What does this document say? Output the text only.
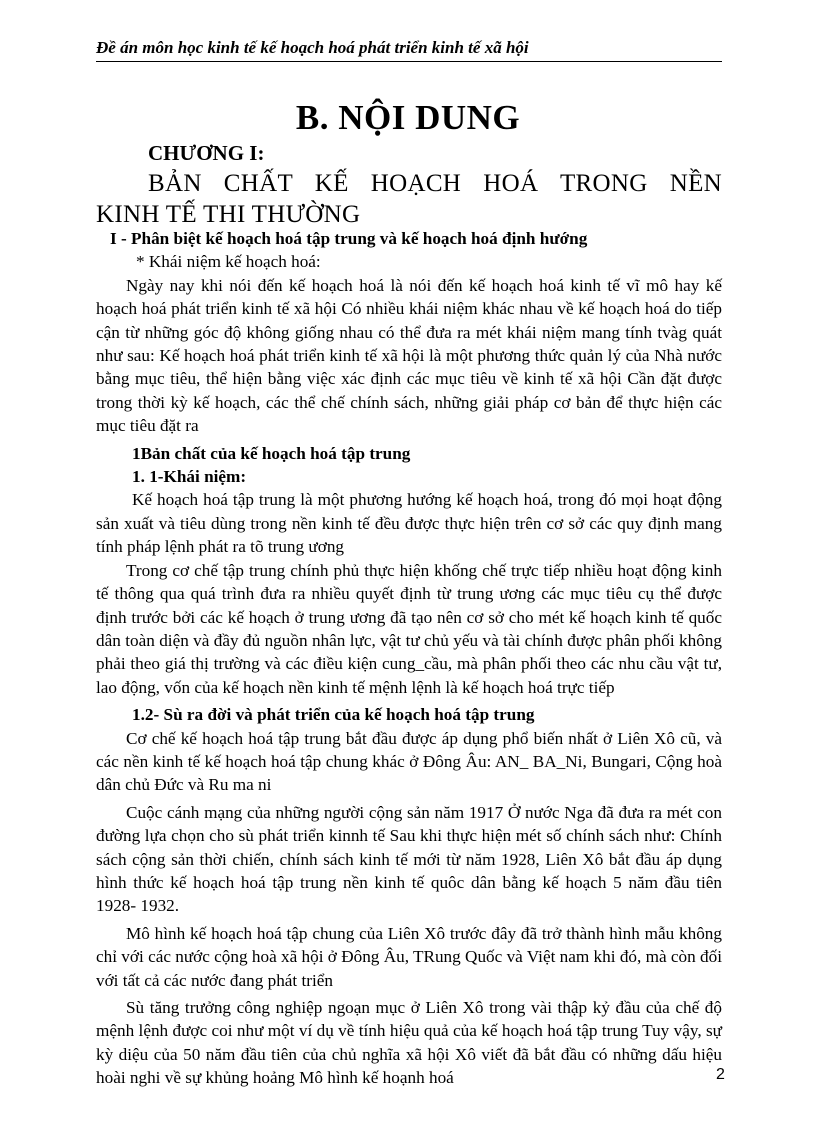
Đề án môn học kinh tế kế hoạch hoá phát triển kinh tế xã hội
B. NỘI DUNG
CHƯƠNG I:
BẢN CHẤT KẾ HOẠCH HOÁ TRONG NỀN
KINH TẾ THI THƯỜNG

I - Phân biệt kế hoạch hoá tập trung và kế hoạch hoá định hướng

* Khái niệm kế hoạch hoá:

Ngày nay khi nói đến kế hoạch hoá là nói đến kế hoạch hoá kinh tế vĩ mô hay kế hoạch hoá phát triển kinh tế xã hội Có nhiều khái niệm khác nhau về kế hoạch hoá do tiếp cận từ những góc độ không giống nhau có thể đưa ra mét khái niệm mang tính tvàg quát như sau: Kế hoạch hoá phát triển kinh tế xã hội là một phương thức quản lý của Nhà nước bằng mục tiêu, thể hiện bằng việc xác định các mục tiêu về kinh tế xã hội Cần đặt được trong thời kỳ kế hoạch, các thể chế chính sách, những giải pháp cơ bản để thực hiện các mục tiêu đặt ra

1Bản chất của kế hoạch hoá tập trung

1. 1-Khái niệm:

Kế hoạch hoá tập trung là một phương hướng kế hoạch hoá, trong đó mọi hoạt động sản xuất và tiêu dùng trong nền kinh tế đều được thực hiện trên cơ sở các quy định mang tính pháp lệnh phát ra tõ trung ương

Trong cơ chế tập trung chính phủ thực hiện khống chế trực tiếp nhiều hoạt động kinh tế thông qua quá trình đưa ra nhiều quyết định từ trung ương các mục tiêu cụ thể được định trước bởi các kế hoạch ở trung ương đã tạo nên cơ sở cho mét kế hoạch kinh tế quốc dân toàn diện và đầy đủ nguồn nhân lực, vật tư chủ yếu và tài chính được phân phối không phải theo giá thị trường và các điều kiện cung_cầu, mà phân phối theo các nhu cầu vật tư, lao động, vốn của kế hoạch nền kinh tế mệnh lệnh là kế hoạch hoá trực tiếp

1.2- Sù ra đời và phát triển của kế hoạch hoá tập trung

Cơ chế kế hoạch hoá tập trung bắt đầu được áp dụng phổ biến nhất ở Liên Xô cũ, và các nền kinh tế kế hoạch hoá tập chung khác ở Đông Âu: AN_ BA_Ni, Bungari, Cộng hoà dân chủ Đức và Ru ma ni

Cuộc cánh mạng của những người cộng sản năm 1917 Ở nước Nga đã đưa ra mét con đường lựa chọn cho sù phát triển kinnh tế Sau khi thực hiện mét số chính sách như: Chính sách cộng sản thời chiến, chính sách kinh tế mới từ năm 1928, Liên Xô bắt đầu áp dụng hình thức kế hoạch hoá tập trung nền kinh tế quôc dân bằng kế hoạch 5 năm đầu tiên 1928- 1932.

Mô hình kế hoạch hoá tập chung của Liên Xô trước đây đã trở thành hình mẫu không chỉ với các nước cộng hoà xã hội ở Đông Âu, TRung Quốc và Việt nam khi đó, mà còn đối với tất cả các nước đang phát triển

Sù tăng trưởng công nghiệp ngoạn mục ở Liên Xô trong vài thập kỷ đầu của chế độ mệnh lệnh được coi như một ví dụ về tính hiệu quả của kế hoạch hoá tập trung Tuy vậy, sự kỳ diệu của 50 năm đầu tiên của chủ nghĩa xã hội Xô viết đã bắt đầu có những dấu hiệu hoài nghi về sự khủng hoảng Mô hình kế hoạnh hoá	2
